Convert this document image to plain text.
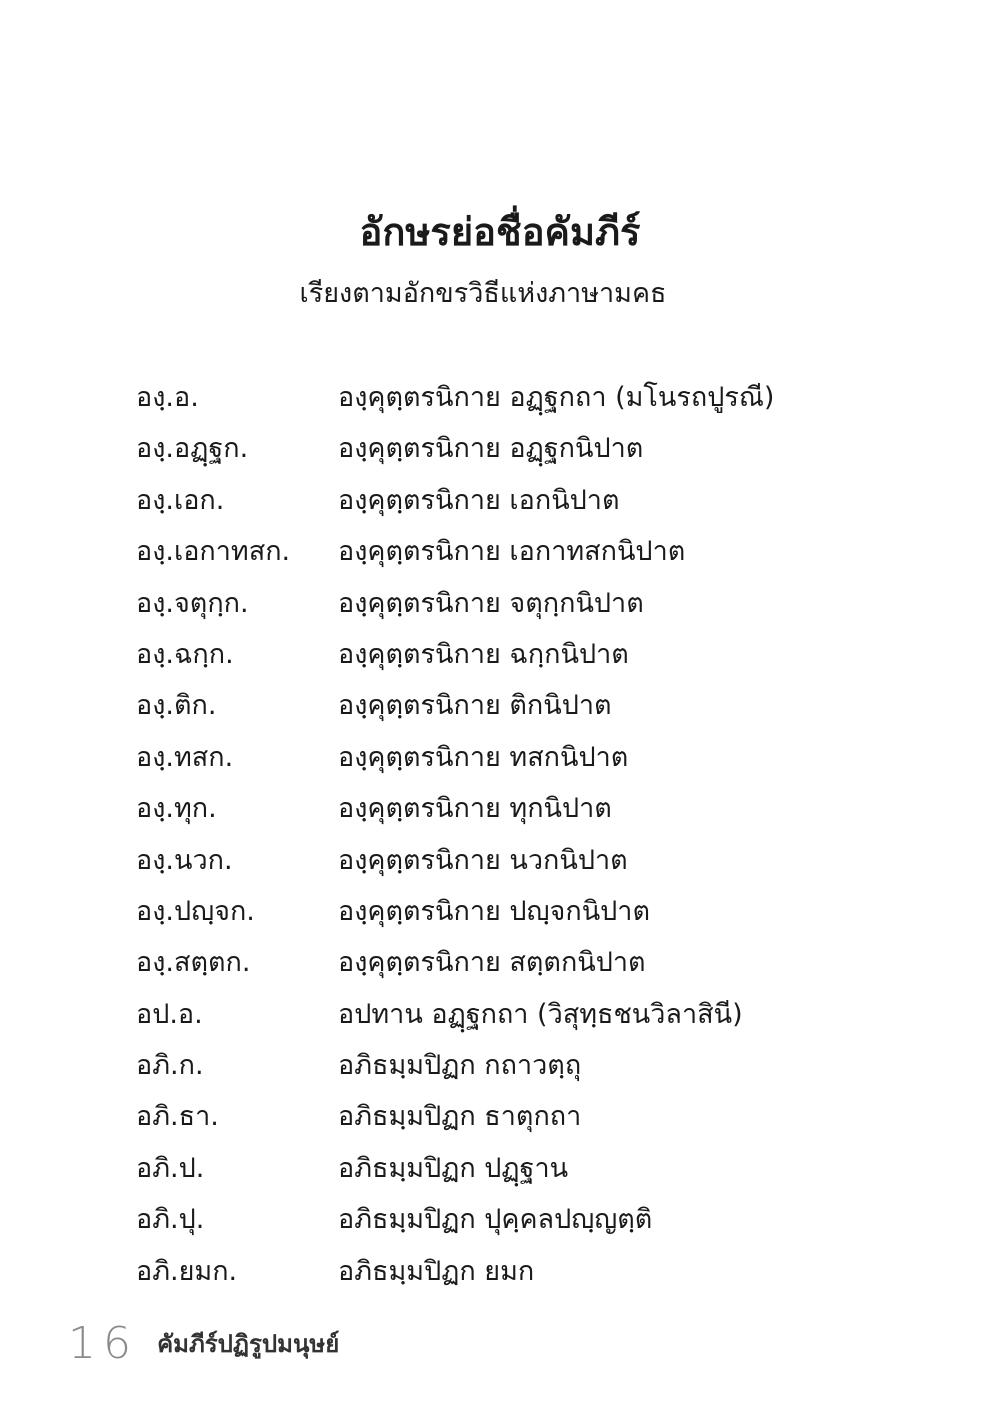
อักษรย่อชื่อคัมภีร์
เรียงตามอักขรวิธีแห่งภาษามคธ
องฺ.อ.	องฺคุตฺตรนิกาย อฏฺฐกถา (มโนรถปูรณี)
องฺ.อฏฺฐก.	องฺคุตฺตรนิกาย อฏฺฐกนิปาต
องฺ.เอก.	องฺคุตฺตรนิกาย เอกนิปาต
องฺ.เอกาทสก. องฺคุตฺตรนิกาย เอกาทสกนิปาต
องฺ.จตุกฺก.	องฺคุตฺตรนิกาย จตุกฺกนิปาต
องฺ.ฉกฺก.	องฺคุตฺตรนิกาย ฉกฺกนิปาต
องฺ.ติก.	องฺคุตฺตรนิกาย ติกนิปาต
องฺ.ทสก.	องฺคุตฺตรนิกาย ทสกนิปาต
องฺ.ทุก.	องฺคุตฺตรนิกาย ทุกนิปาต
องฺ.นวก.	องฺคุตฺตรนิกาย นวกนิปาต
องฺ.ปญฺจก.	องฺคุตฺตรนิกาย ปญฺจกนิปาต
องฺ.สตฺตก.	องฺคุตฺตรนิกาย สตฺตกนิปาต
อป.อ.	อปทาน อฏฺฐกถา (วิสุทฺธชนวิลาสินี)
อภิ.ก.	อภิธมฺมปิฏก กถาวตฺถุ
อภิ.ธา.	อภิธมฺมปิฏก ธาตุกถา
อภิ.ป.	อภิธมฺมปิฏก ปฏฺฐาน
อภิ.ปุ.	อภิธมฺมปิฏก ปุคฺคลปญฺญตฺติ
อภิ.ยมก.	อภิธมฺมปิฏก ยมก
16 คัมภีร์ปฏิรูปมนุษย์
